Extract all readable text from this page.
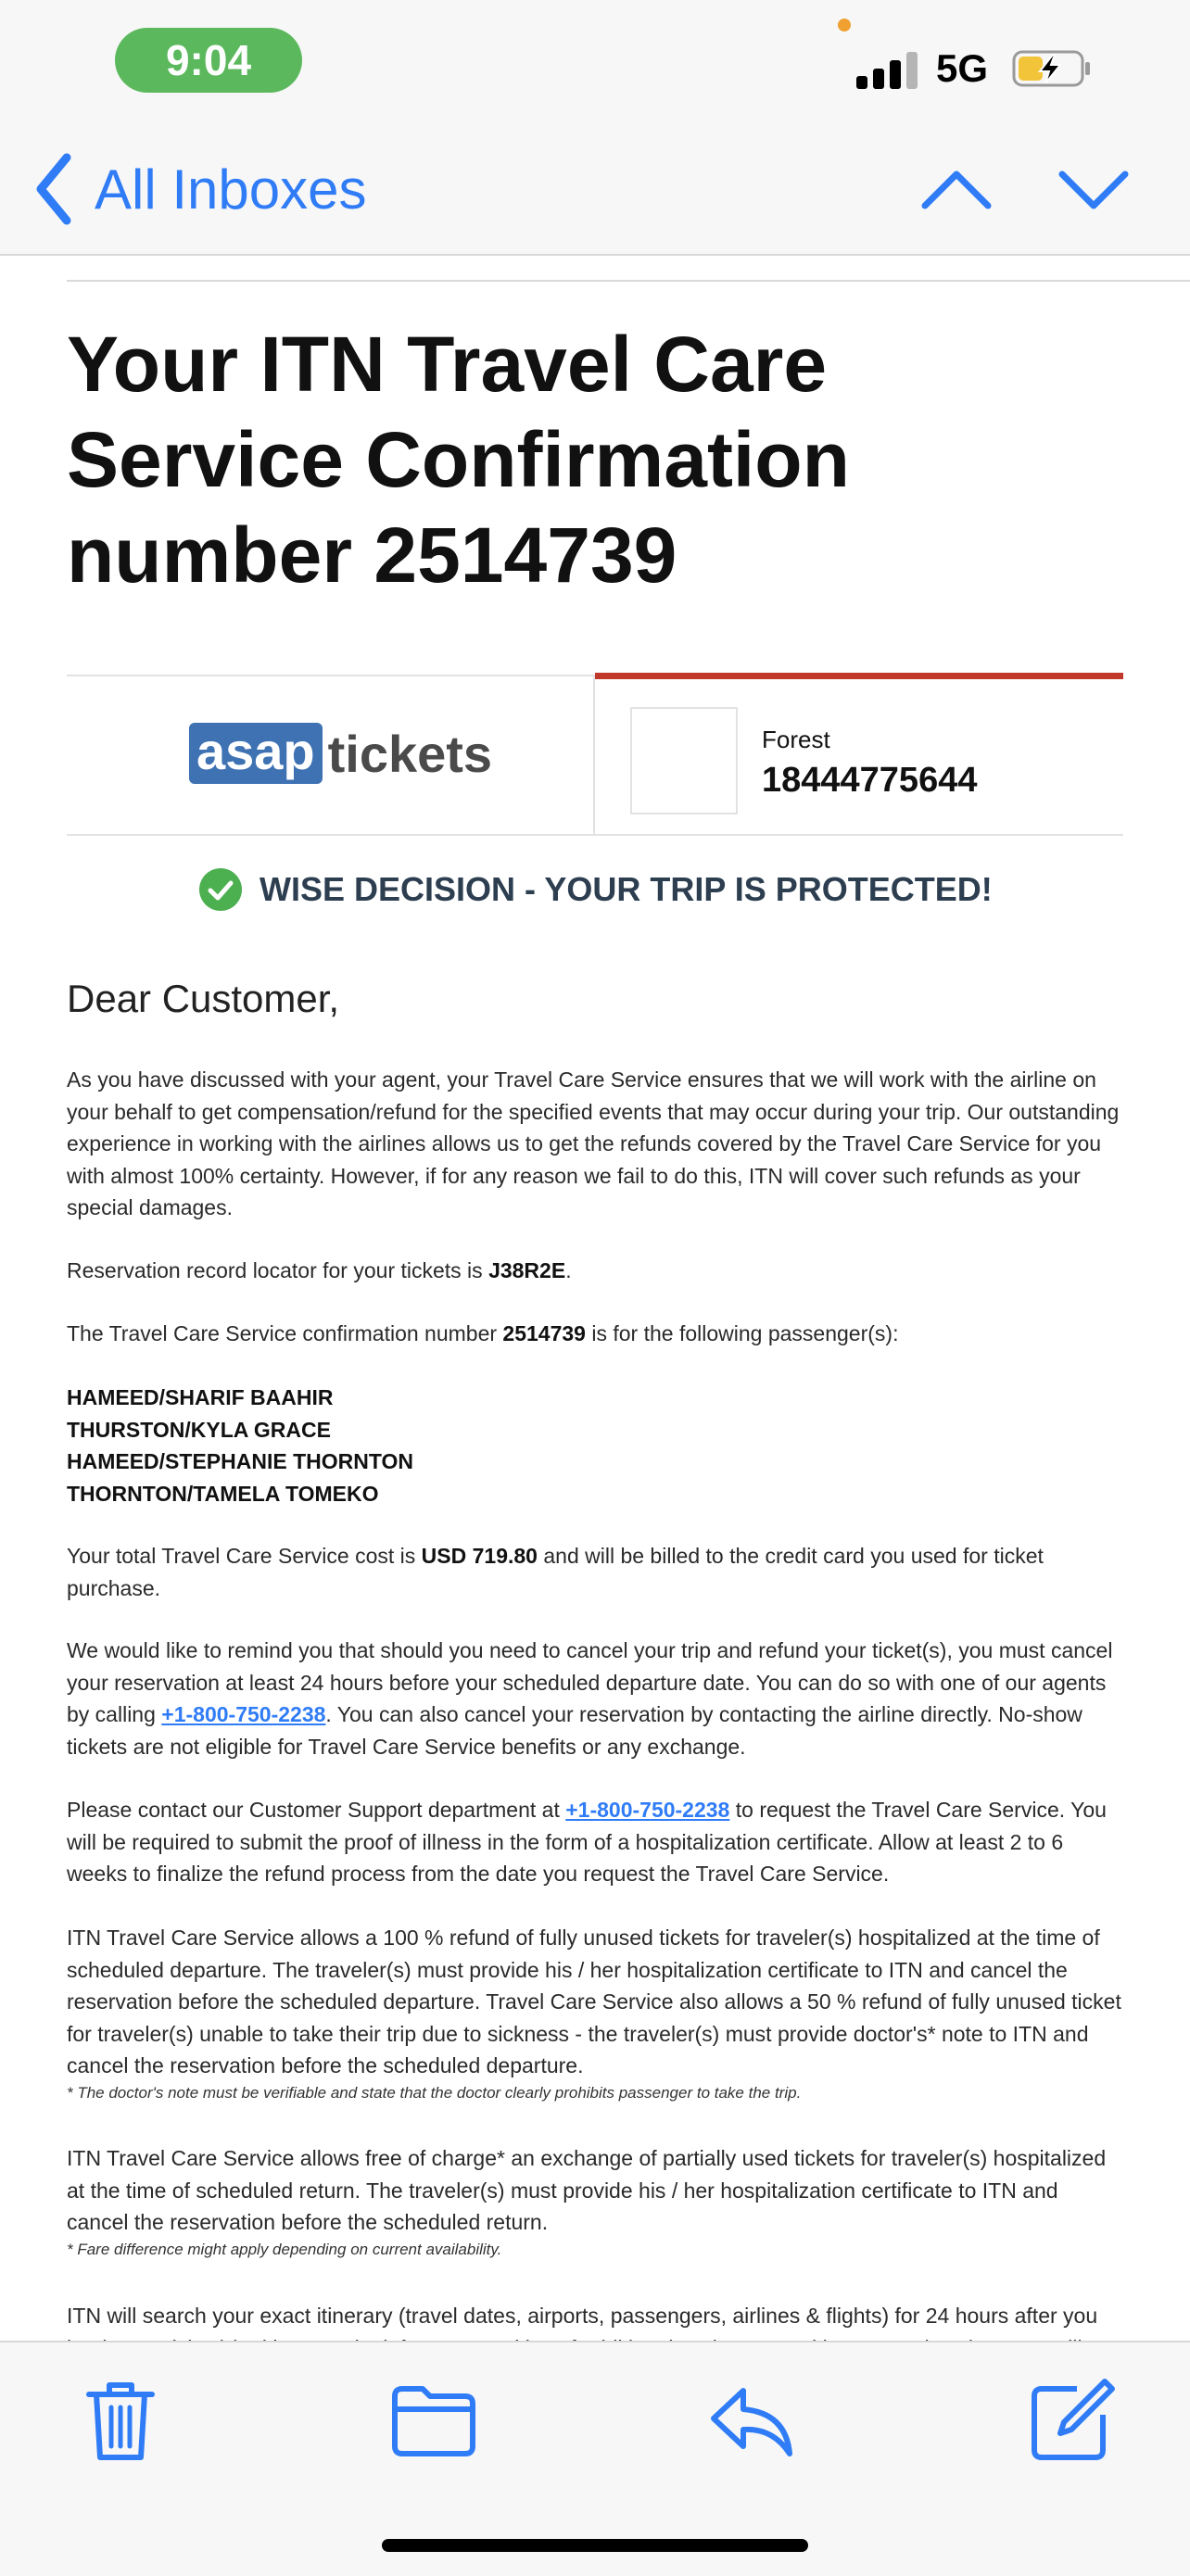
9:04	5G
All Inboxes
Your ITN Travel Care Service Confirmation number 2514739
asap tickets	Forest
18444775644
WISE DECISION - YOUR TRIP IS PROTECTED!
Dear Customer,
As you have discussed with your agent, your Travel Care Service ensures that we will work with the airline on your behalf to get compensation/refund for the specified events that may occur during your trip. Our outstanding experience in working with the airlines allows us to get the refunds covered by the Travel Care Service for you with almost 100% certainty. However, if for any reason we fail to do this, ITN will cover such refunds as your special damages.
Reservation record locator for your tickets is J38R2E.
The Travel Care Service confirmation number 2514739 is for the following passenger(s):
HAMEED/SHARIF BAAHIR
THURSTON/KYLA GRACE
HAMEED/STEPHANIE THORNTON
THORNTON/TAMELA TOMEKO
Your total Travel Care Service cost is USD 719.80 and will be billed to the credit card you used for ticket purchase.
We would like to remind you that should you need to cancel your trip and refund your ticket(s), you must cancel your reservation at least 24 hours before your scheduled departure date. You can do so with one of our agents by calling +1-800-750-2238. You can also cancel your reservation by contacting the airline directly. No-show tickets are not eligible for Travel Care Service benefits or any exchange.
Please contact our Customer Support department at +1-800-750-2238 to request the Travel Care Service. You will be required to submit the proof of illness in the form of a hospitalization certificate. Allow at least 2 to 6 weeks to finalize the refund process from the date you request the Travel Care Service.
ITN Travel Care Service allows a 100 % refund of fully unused tickets for traveler(s) hospitalized at the time of scheduled departure. The traveler(s) must provide his / her hospitalization certificate to ITN and cancel the reservation before the scheduled departure. Travel Care Service also allows a 50 % refund of fully unused ticket for traveler(s) unable to take their trip due to sickness - the traveler(s) must provide doctor's* note to ITN and cancel the reservation before the scheduled departure.
* The doctor's note must be verifiable and state that the doctor clearly prohibits passenger to take the trip.
ITN Travel Care Service allows free of charge* an exchange of partially used tickets for traveler(s) hospitalized at the time of scheduled return. The traveler(s) must provide his / her hospitalization certificate to ITN and cancel the reservation before the scheduled return.
* Fare difference might apply depending on current availability.
ITN will search your exact itinerary (travel dates, airports, passengers, airlines & flights) for 24 hours after you
